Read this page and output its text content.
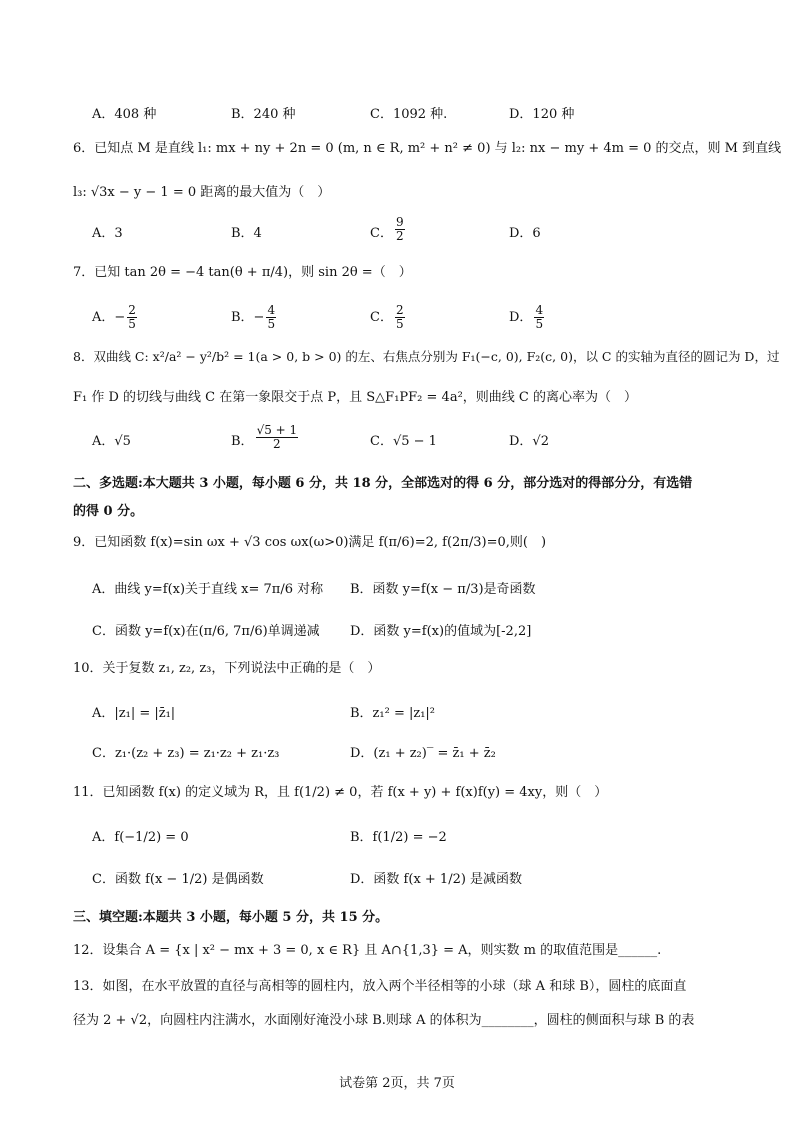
A．408 种	B．240 种	C．1092 种.	D．120 种
6．已知点 M 是直线 l₁: mx + ny + 2n = 0 (m, n ∈ R, m² + n² ≠ 0) 与 l₂: nx − my + 4m = 0 的交点，则 M 到直线
l₃: √3x − y − 1 = 0 距离的最大值为（　）
A．3	B．4	C． $\frac{9}{2}$	D．6
7．已知 tan 2θ = −4 tan(θ + π/4)，则 sin 2θ =（　）
A．− $\frac{2}{5}$	B．− $\frac{4}{5}$	C． $\frac{2}{5}$	D． $\frac{4}{5}$
8．双曲线 C: x²/a² − y²/b² = 1(a > 0, b > 0) 的左、右焦点分别为 F₁(−c, 0), F₂(c, 0)，以 C 的实轴为直径的圆记为 D，过
F₁ 作 D 的切线与曲线 C 在第一象限交于点 P，且 S△F₁PF₂ = 4a²，则曲线 C 的离心率为（　）
A．√5	B． $\frac{√5 + 1}{2}$	C．√5 − 1	D．√2
二、多选题:本大题共 3 小题，每小题 6 分，共 18 分，全部选对的得 6 分，部分选对的得部分分，有选错
的得 0 分。
9．已知函数 f(x)=sin ωx + √3 cos ωx(ω>0)满足 f(π/6)=2, f(2π/3)=0,则(　)
A．曲线 y=f(x)关于直线 x= 7π/6 对称	B．函数 y=f(x − π/3)是奇函数
C．函数 y=f(x)在(π/6, 7π/6)单调递减	D．函数 y=f(x)的值域为[-2,2]
10．关于复数 z₁, z₂, z₃，下列说法中正确的是（　）
A．|z₁| = |z̄₁|	B．z₁² = |z₁|²
C．z₁·(z₂ + z₃) = z₁·z₂ + z₁·z₃	D．(z₁ + z₂)‾ = z̄₁ + z̄₂
11．已知函数 f(x) 的定义域为 R，且 f(1/2) ≠ 0，若 f(x + y) + f(x)f(y) = 4xy，则（　）
A．f(−1/2) = 0	B．f(1/2) = −2
C．函数 f(x − 1/2) 是偶函数	D．函数 f(x + 1/2) 是减函数
三、填空题:本题共 3 小题，每小题 5 分，共 15 分。
12．设集合 A = {x | x² − mx + 3 = 0, x ∈ R} 且 A∩{1,3} = A，则实数 m 的取值范围是______.
13．如图，在水平放置的直径与高相等的圆柱内，放入两个半径相等的小球（球 A 和球 B），圆柱的底面直
径为 2 + √2，向圆柱内注满水，水面刚好淹没小球 B.则球 A 的体积为________，圆柱的侧面积与球 B 的表
试卷第 2页，共 7页
